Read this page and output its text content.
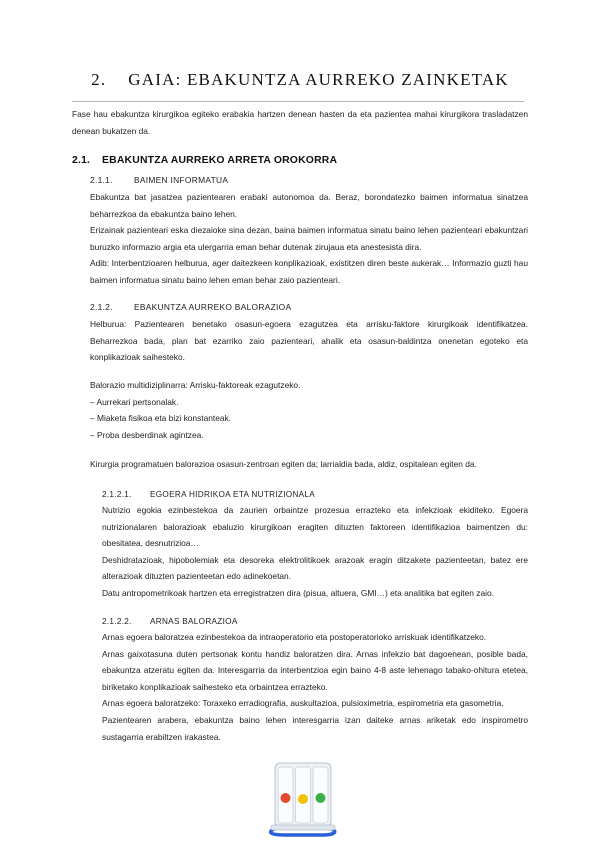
2. GAIA: EBAKUNTZA AURREKO ZAINKETAK
Fase hau ebakuntza kirurgikoa egiteko erabakia hartzen denean hasten da eta pazientea mahai kirurgikora trasladatzen denean bukatzen da.
2.1. EBAKUNTZA AURREKO ARRETA OROKORRA
2.1.1.	BAIMEN INFORMATUA
Ebakuntza bat jasatzea pazientearen erabaki autonomoa da. Beraz, borondatezko baimen informatua sinatzea beharrezkoa da ebakuntza baino lehen.
Erizainak pazienteari eska diezaioke sina dezan, baina baimen informatua sinatu baino lehen pazienteari ebakuntzari buruzko informazio argia eta ulergarria eman behar dutenak zirujaua eta anestesista dira.
Adib: Interbentzioaren helburua, ager daitezkeen konplikazioak, existitzen diren beste aukerak… Informazio guzti hau baimen informatua sinatu baino lehen eman behar zaio pazienteari.
2.1.2.	EBAKUNTZA AURREKO BALORAZIOA
Helburua: Pazientearen benetako osasun-egoera ezagutzea eta arrisku-faktore kirurgikoak identifikatzea. Beharrezkoa bada, plan bat ezarriko zaio pazienteari, ahalik eta osasun-baldintza onenetan egoteko eta konplikazioak saihesteko.
Balorazio multidiziplinarra: Arrisku-faktoreak ezagutzeko.
– Aurrekari pertsonalak.
– Miaketa fisikoa eta bizi konstanteak.
– Proba desberdinak agintzea.
Kirurgia programatuen balorazioa osasun-zentroan egiten da; larrialdia bada, aldiz, ospitalean egiten da.
2.1.2.1. EGOERA HIDRIKOA ETA NUTRIZIONALA
Nutrizio egokia ezinbestekoa da zaurien orbaintze prozesua errazteko eta infekzioak ekiditeko. Egoera nutrizionalaren balorazioak ebaluzio kirurgikoan eragiten dituzten faktoreen identifikazioa baimentzen du: obesitatea, desnutrizioa…
Deshidratazioak, hipobolemiak eta desoreka elektrolitikoek arazoak eragin ditzakete pazienteetan, batez ere alterazioak dituzten pazienteetan edo adinekoetan.
Datu antropometrikoak hartzen eta erregistratzen dira (pisua, altuera, GMI…) eta analitika bat egiten zaio.
2.1.2.2. ARNAS BALORAZIOA
Arnas egoera baloratzea ezinbestekoa da intraoperatorio eta postoperatorioko arriskuak identifikatzeko.
Arnas gaixotasuna duten pertsonak kontu handiz baloratzen dira. Arnas infekzio bat dagoenean, posible bada, ebakuntza atzeratu egiten da. Interesgarria da interbentzioa egin baino 4-8 aste lehenago tabako-ohitura etetea, biriketako konplikazioak saihesteko eta orbaintzea errazteko.
Arnas egoera baloratzeko: Toraxeko erradiografia, auskultazioa, pulsioximetria, espirometria eta gasometria.
Pazientearen arabera, ebakuntza baino lehen interesgarria izan daiteke arnas ariketak edo inspirometro sustagarria erabiltzen irakastea.
